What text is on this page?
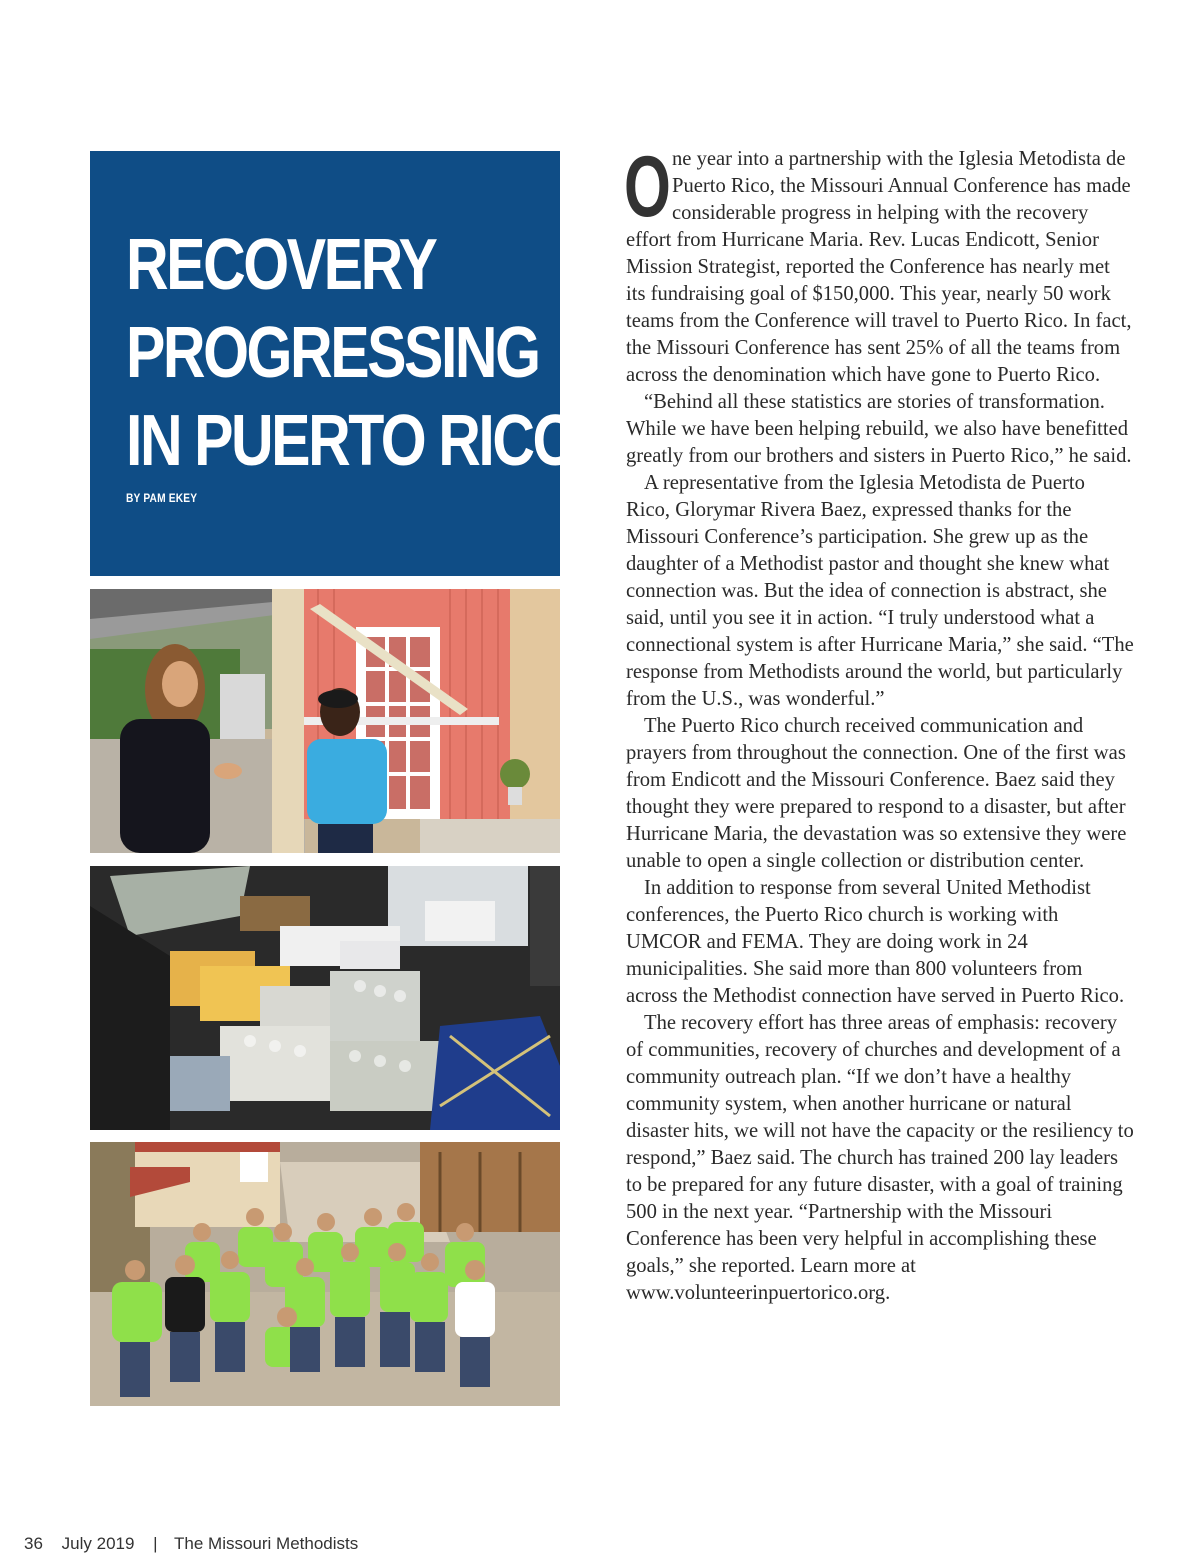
RECOVERY
PROGRESSING
IN PUERTO RICO
BY PAM EKEY

One year into a partnership with the Iglesia Metodista de Puerto Rico, the Missouri Annual Conference has made considerable progress in helping with the recovery effort from Hurricane Maria. Rev. Lucas Endicott, Senior Mission Strategist, reported the Conference has nearly met its fundraising goal of $150,000. This year, nearly 50 work teams from the Conference will travel to Puerto Rico. In fact, the Missouri Conference has sent 25% of all the teams from across the denomination which have gone to Puerto Rico.

“Behind all these statistics are stories of transformation. While we have been helping rebuild, we also have benefitted greatly from our brothers and sisters in Puerto Rico,” he said.

A representative from the Iglesia Metodista de Puerto Rico, Glorymar Rivera Baez, expressed thanks for the Missouri Conference’s participation. She grew up as the daughter of a Methodist pastor and thought she knew what connection was. But the idea of connection is abstract, she said, until you see it in action. “I truly understood what a connectional system is after Hurricane Maria,” she said. “The response from Methodists around the world, but particularly from the U.S., was wonderful.”

The Puerto Rico church received communication and prayers from throughout the connection. One of the first was from Endicott and the Missouri Conference. Baez said they thought they were prepared to respond to a disaster, but after Hurricane Maria, the devastation was so extensive they were unable to open a single collection or distribution center.

In addition to response from several United Methodist conferences, the Puerto Rico church is working with UMCOR and FEMA. They are doing work in 24 municipalities. She said more than 800 volunteers from across the Methodist connection have served in Puerto Rico.

The recovery effort has three areas of emphasis: recovery of communities, recovery of churches and development of a community outreach plan. “If we don’t have a healthy community system, when another hurricane or natural disaster hits, we will not have the capacity or the resiliency to respond,” Baez said. The church has trained 200 lay leaders to be prepared for any future disaster, with a goal of training 500 in the next year. “Partnership with the Missouri Conference has been very helpful in accomplishing these goals,” she reported. Learn more at www.volunteerinpuertorico.org.

36 July 2019 | The Missouri Methodists
